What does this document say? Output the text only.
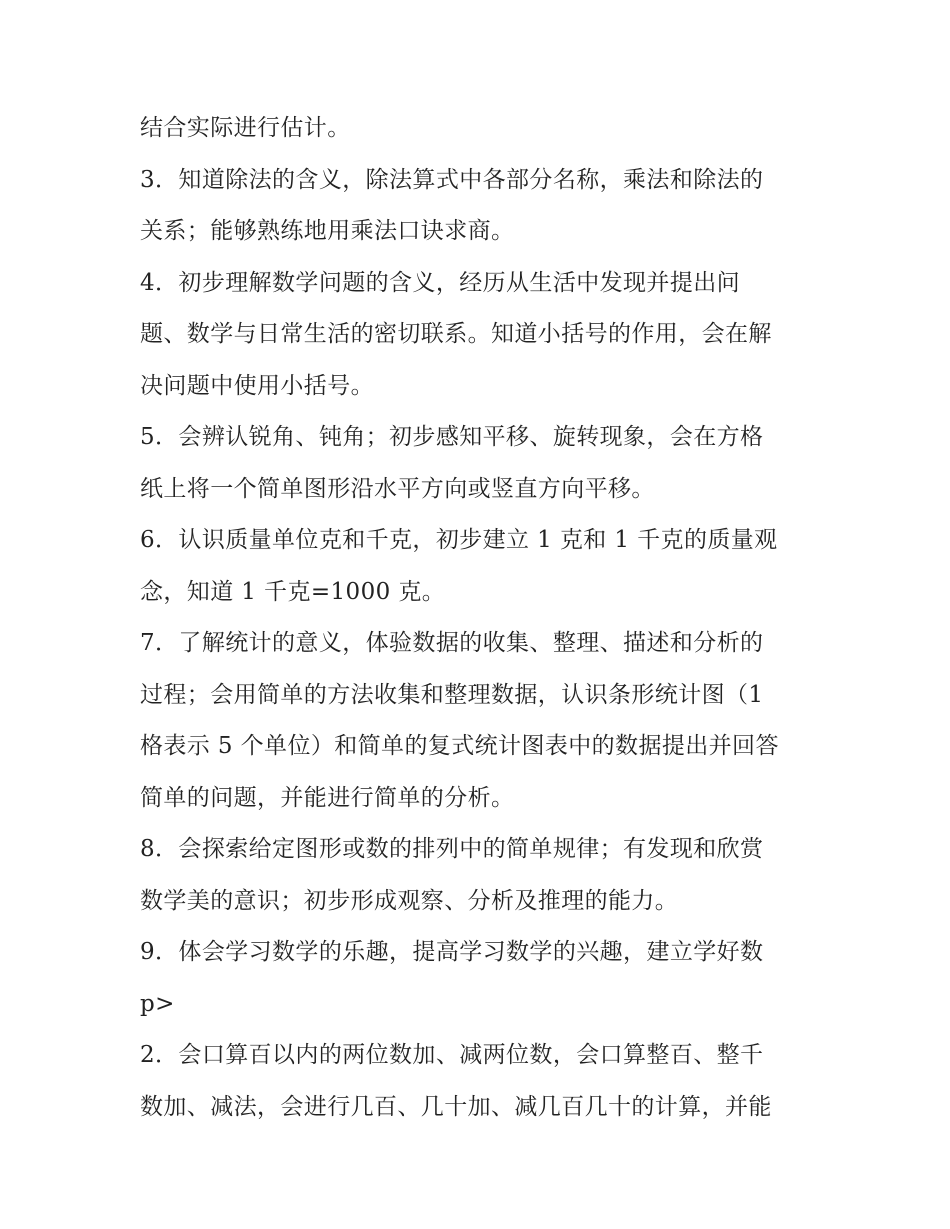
结合实际进行估计。
3．知道除法的含义，除法算式中各部分名称，乘法和除法的
关系；能够熟练地用乘法口诀求商。
4．初步理解数学问题的含义，经历从生活中发现并提出问
题、数学与日常生活的密切联系。知道小括号的作用，会在解
决问题中使用小括号。
5．会辨认锐角、钝角；初步感知平移、旋转现象，会在方格
纸上将一个简单图形沿水平方向或竖直方向平移。
6．认识质量单位克和千克，初步建立 1 克和 1 千克的质量观
念，知道 1 千克=1000 克。
7．了解统计的意义，体验数据的收集、整理、描述和分析的
过程；会用简单的方法收集和整理数据，认识条形统计图（1
格表示 5 个单位）和简单的复式统计图表中的数据提出并回答
简单的问题，并能进行简单的分析。
8．会探索给定图形或数的排列中的简单规律；有发现和欣赏
数学美的意识；初步形成观察、分析及推理的能力。
9．体会学习数学的乐趣，提高学习数学的兴趣，建立学好数
p>
2．会口算百以内的两位数加、减两位数，会口算整百、整千
数加、减法，会进行几百、几十加、减几百几十的计算，并能
